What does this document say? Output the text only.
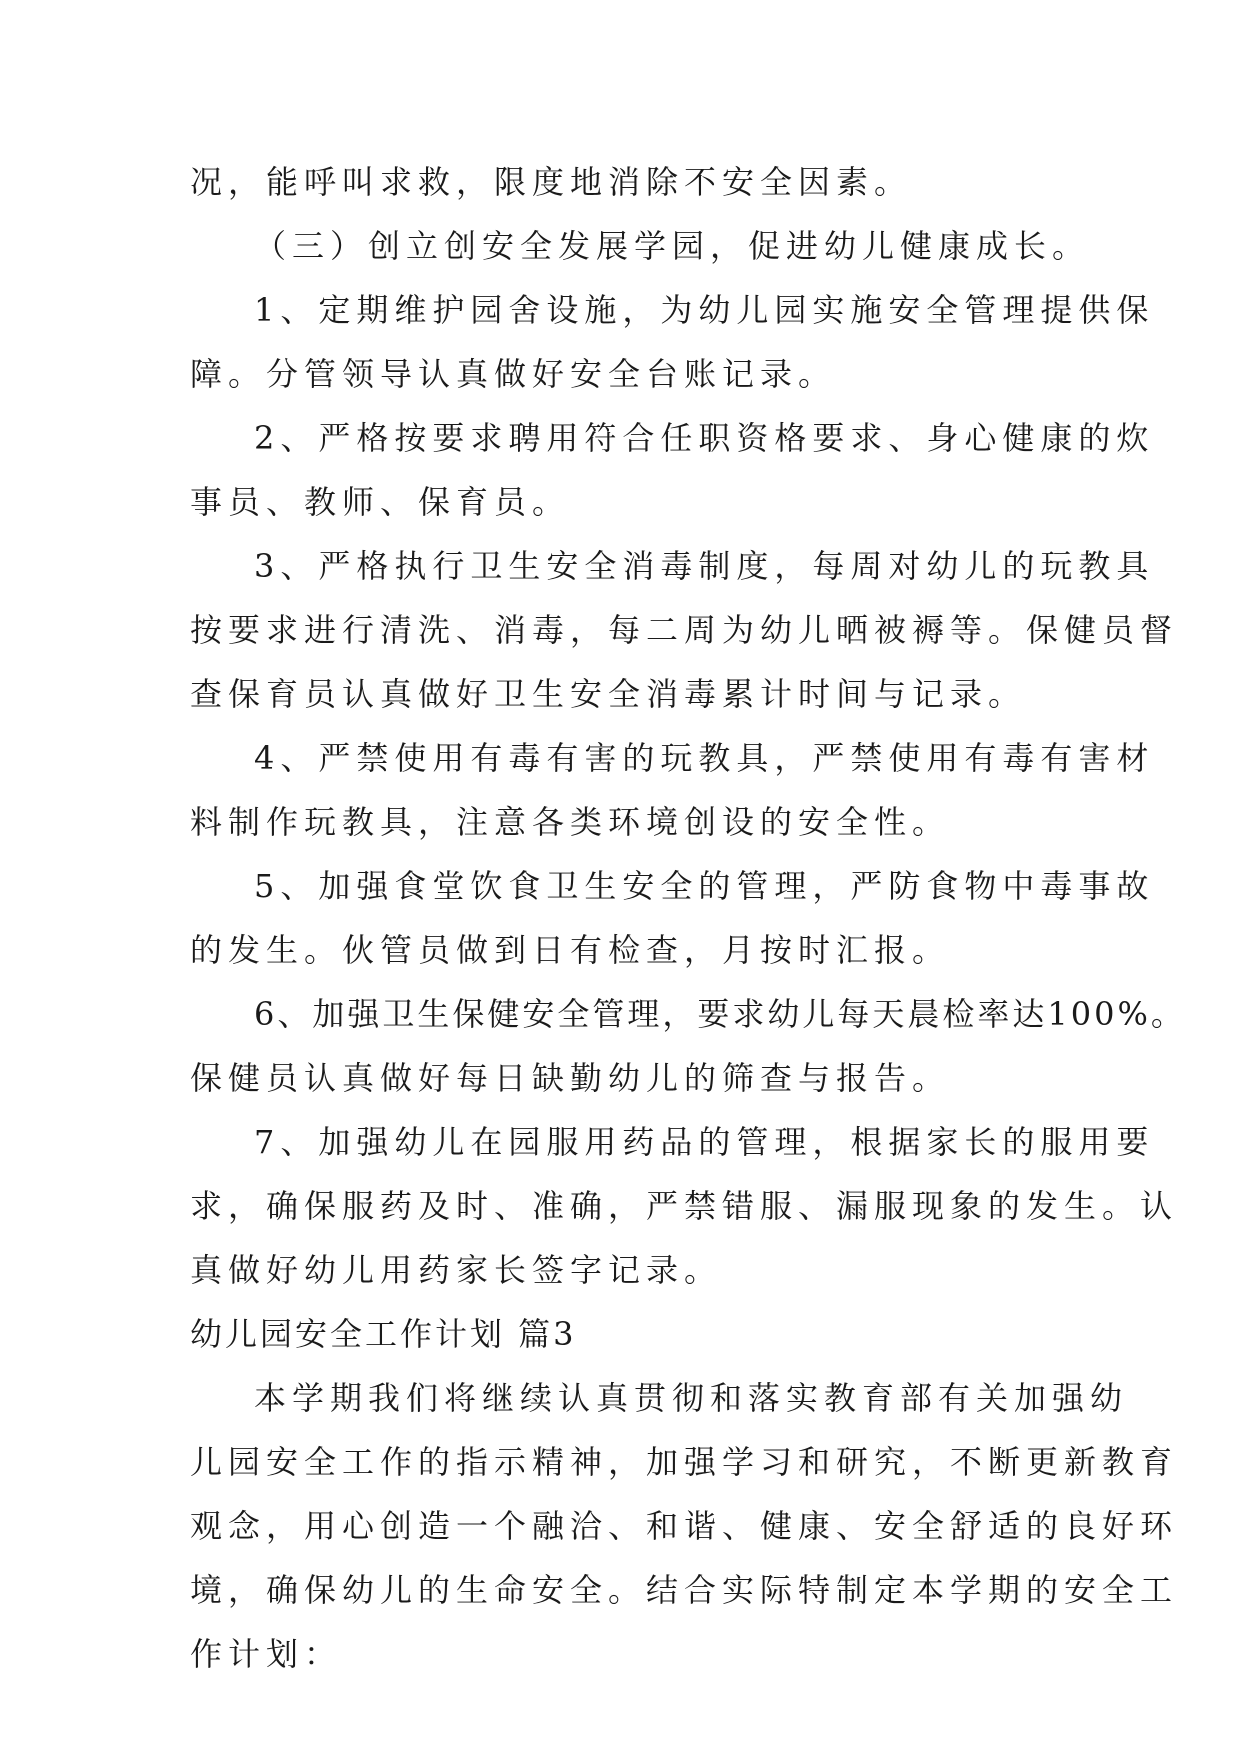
况，能呼叫求救，限度地消除不安全因素。
（三）创立创安全发展学园，促进幼儿健康成长。
1、定期维护园舍设施，为幼儿园实施安全管理提供保
障。分管领导认真做好安全台账记录。
2、严格按要求聘用符合任职资格要求、身心健康的炊
事员、教师、保育员。
3、严格执行卫生安全消毒制度，每周对幼儿的玩教具
按要求进行清洗、消毒，每二周为幼儿晒被褥等。保健员督
查保育员认真做好卫生安全消毒累计时间与记录。
4、严禁使用有毒有害的玩教具，严禁使用有毒有害材
料制作玩教具，注意各类环境创设的安全性。
5、加强食堂饮食卫生安全的管理，严防食物中毒事故
的发生。伙管员做到日有检查，月按时汇报。
6、加强卫生保健安全管理，要求幼儿每天晨检率达100%。
保健员认真做好每日缺勤幼儿的筛查与报告。
7、加强幼儿在园服用药品的管理，根据家长的服用要
求，确保服药及时、准确，严禁错服、漏服现象的发生。认
真做好幼儿用药家长签字记录。
幼儿园安全工作计划 篇3
本学期我们将继续认真贯彻和落实教育部有关加强幼
儿园安全工作的指示精神，加强学习和研究，不断更新教育
观念，用心创造一个融洽、和谐、健康、安全舒适的良好环
境，确保幼儿的生命安全。结合实际特制定本学期的安全工
作计划：
